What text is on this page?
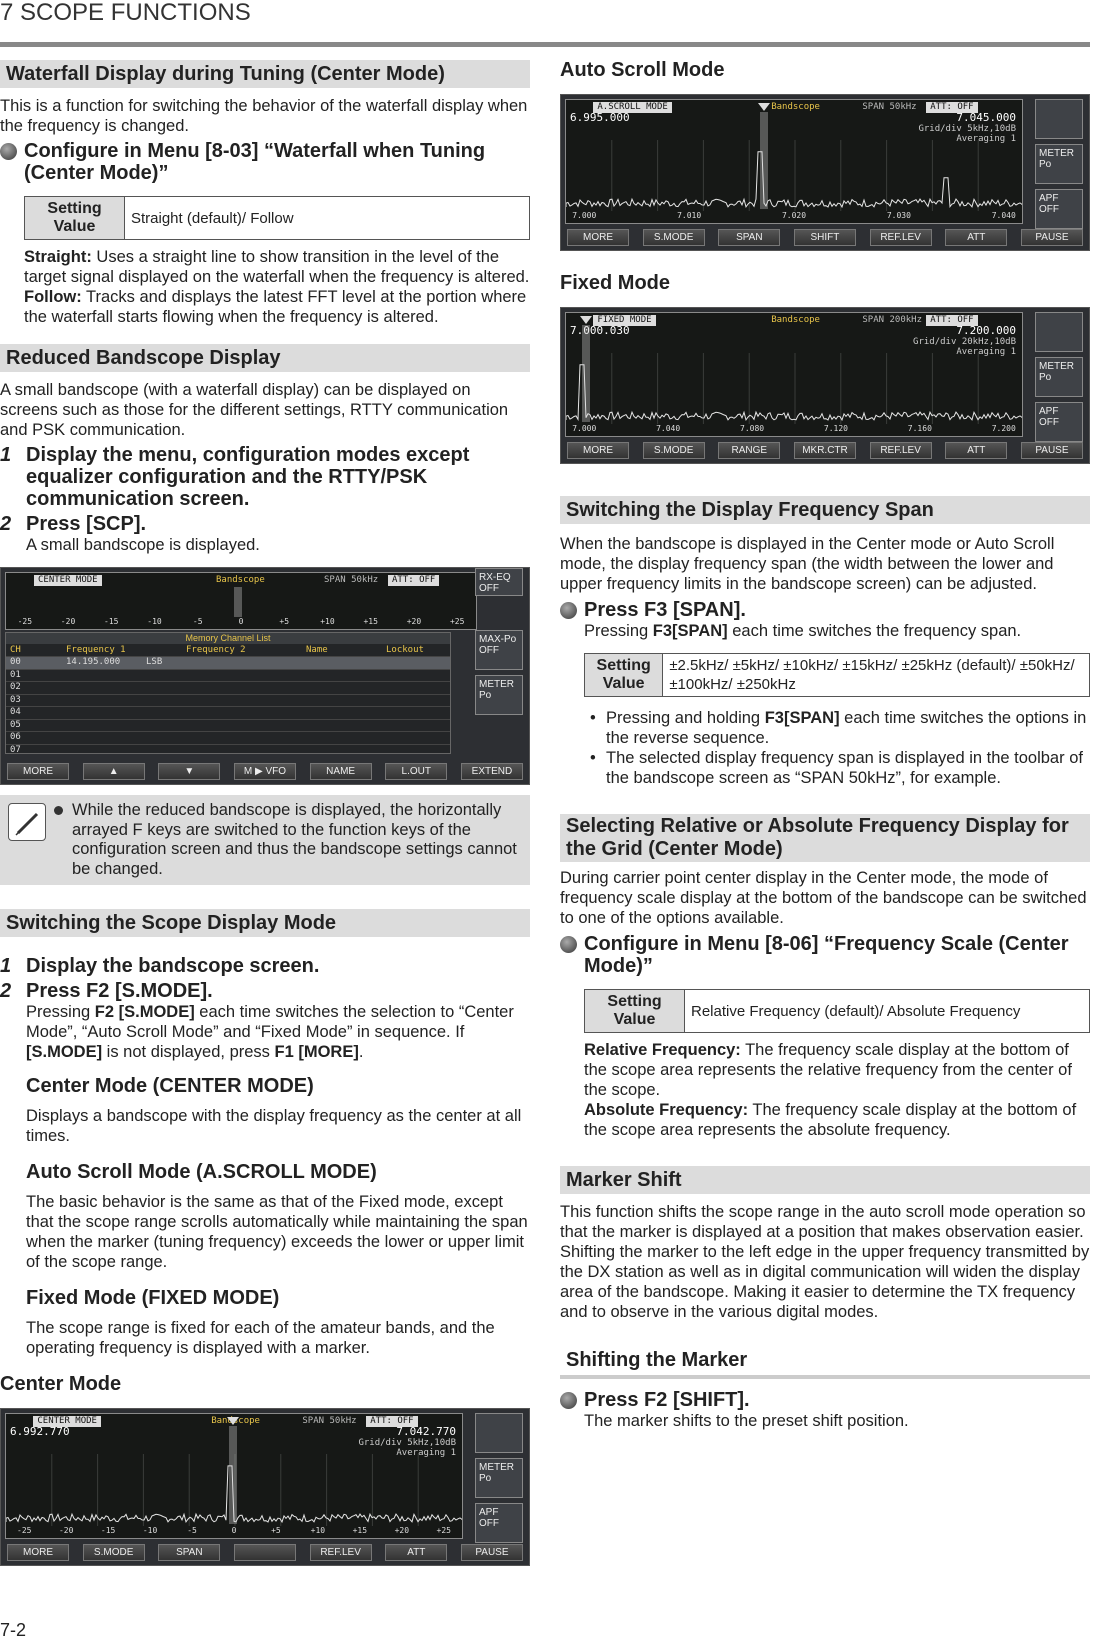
7 SCOPE FUNCTIONS
Waterfall Display during Tuning (Center Mode)
This is a function for switching the behavior of the waterfall display when the frequency is changed.
Configure in Menu [8-03] “Waterfall when Tuning (Center Mode)”
Setting
Value	Straight (default)/ Follow
Straight: Uses a straight line to show transition in the level of the target signal displayed on the waterfall when the frequency is altered.
Follow: Tracks and displays the latest FFT level at the portion where the waterfall starts flowing when the frequency is altered.
Reduced Bandscope Display
A small bandscope (with a waterfall display) can be displayed on screens such as those for the different settings, RTTY communication and PSK communication.
1 Display the menu, configuration modes except equalizer configuration and the RTTY/PSK communication screen.
2 Press [SCP].
A small bandscope is displayed.
CENTER MODE	Bandscope	SPAN 50kHz	ATT: OFF
-25	-20	-15	-10	-5	0	+5	+10	+15	+20	+25
RX-EQ OFF
MAX-Po OFF
METER Po
Memory Channel List
CH	Frequency 1	Frequency 2	Name	Lockout
00	14.195.000	LSB
01
02
03
04
05
06
07
MORE	▲	▼	M ▶ VFO	NAME	L.OUT	EXTEND
While the reduced bandscope is displayed, the horizontally arrayed F keys are switched to the function keys of the configuration screen and thus the bandscope settings cannot be changed.
Switching the Scope Display Mode
1 Display the bandscope screen.
2 Press F2 [S.MODE].
Pressing F2 [S.MODE] each time switches the selection to “Center Mode”, “Auto Scroll Mode” and “Fixed Mode” in sequence. If [S.MODE] is not displayed, press F1 [MORE].
Center Mode (CENTER MODE)
Displays a bandscope with the display frequency as the center at all times.
Auto Scroll Mode (A.SCROLL MODE)
The basic behavior is the same as that of the Fixed mode, except that the scope range scrolls automatically while maintaining the span when the marker (tuning frequency) exceeds the lower or upper limit of the scope range.
Fixed Mode (FIXED MODE)
The scope range is fixed for each of the amateur bands, and the operating frequency is displayed with a marker.
Center Mode
CENTER MODE	Bandscope	SPAN 50kHz	ATT: OFF
6.992.770	7.042.770
Grid/div 5kHz,10dB
Averaging 1
-25	-20	-15	-10	-5	0	+5	+10	+15	+20	+25
METER Po
APF OFF
MORE	S.MODE	SPAN	REF.LEV	ATT	PAUSE
Auto Scroll Mode
A.SCROLL MODE	Bandscope	SPAN 50kHz	ATT: OFF
6.995.000	7.045.000
Grid/div 5kHz,10dB
Averaging 1
7.000	7.010	7.020	7.030	7.040
METER Po
APF OFF
MORE	S.MODE	SPAN	SHIFT	REF.LEV	ATT	PAUSE
Fixed Mode
FIXED MODE	Bandscope	SPAN 200kHz ATT: OFF
7.000.030	7.200.000
Grid/div 20kHz,10dB
Averaging 1
7.000	7.040	7.080	7.120	7.160	7.200
METER Po
APF OFF
MORE	S.MODE	RANGE	MKR.CTR	REF.LEV	ATT	PAUSE
Switching the Display Frequency Span
When the bandscope is displayed in the Center mode or Auto Scroll mode, the display frequency span (the width between the lower and upper frequency limits in the bandscope screen) can be adjusted.
Press F3 [SPAN].
Pressing F3[SPAN] each time switches the frequency span.
Setting
Value
±2.5kHz/ ±5kHz/ ±10kHz/ ±15kHz/ ±25kHz (default)/ ±50kHz/ ±100kHz/ ±250kHz
• Pressing and holding F3[SPAN] each time switches the options in the reverse sequence.
• The selected display frequency span is displayed in the toolbar of the bandscope screen as “SPAN 50kHz”, for example.
Selecting Relative or Absolute Frequency Display for the Grid (Center Mode)
During carrier point center display in the Center mode, the mode of frequency scale display at the bottom of the bandscope can be switched to one of the options available.
Configure in Menu [8-06] “Frequency Scale (Center Mode)”
Setting
Value	Relative Frequency (default)/ Absolute Frequency
Relative Frequency: The frequency scale display at the bottom of the scope area represents the relative frequency from the center of the scope.
Absolute Frequency: The frequency scale display at the bottom of the scope area represents the absolute frequency.
Marker Shift
This function shifts the scope range in the auto scroll mode operation so that the marker is displayed at a position that makes observation easier.
Shifting the marker to the left edge in the upper frequency transmitted by the DX station as well as in digital communication will widen the display area of the bandscope. Making it easier to determine the TX frequency and to observe in the various digital modes.
Shifting the Marker
Press F2 [SHIFT].
The marker shifts to the preset shift position.
7-2
